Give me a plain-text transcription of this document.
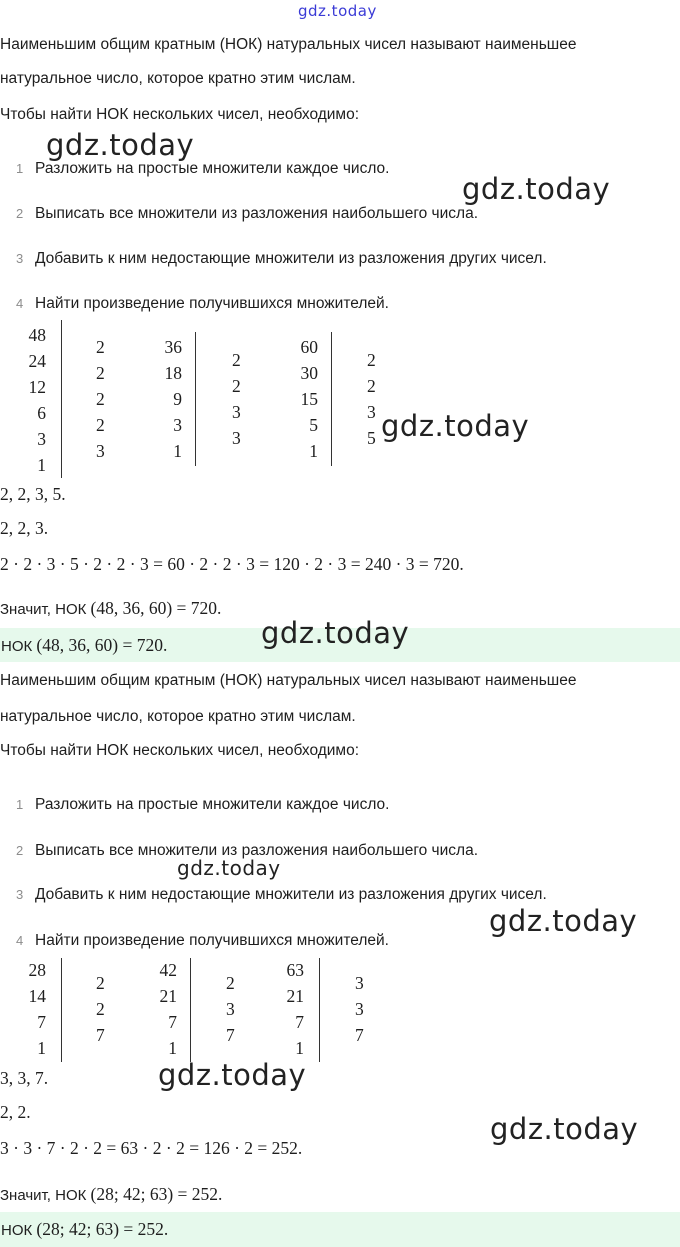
gdz.today
Наименьшим общим кратным (НОК) натуральных чисел называют наименьшее
натуральное число, которое кратно этим числам.
Чтобы найти НОК нескольких чисел, необходимо:
1 Разложить на простые множители каждое число.
2 Выписать все множители из разложения наибольшего числа.
3 Добавить к ним недостающие множители из разложения других чисел.
4 Найти произведение получившихся множителей.
48
24
12
6
3
1
2
2
2
2
3
36
18
9
3
1
2
2
3
3
60
30
15
5
1
2
2
3
5
2, 2, 3, 5.
2, 2, 3.
2 · 2 · 3 · 5 · 2 · 2 · 3 = 60 · 2 · 2 · 3 = 120 · 2 · 3 = 240 · 3 = 720.
Значит, НОК (48, 36, 60) = 720.
НОК (48, 36, 60) = 720.
Наименьшим общим кратным (НОК) натуральных чисел называют наименьшее
натуральное число, которое кратно этим числам.
Чтобы найти НОК нескольких чисел, необходимо:
1 Разложить на простые множители каждое число.
2 Выписать все множители из разложения наибольшего числа.
3 Добавить к ним недостающие множители из разложения других чисел.
4 Найти произведение получившихся множителей.
28
14
7
1
2
2
7
42
21
7
1
2
3
7
63
21
7
1
3
3
7
3, 3, 7.
2, 2.
3 · 3 · 7 · 2 · 2 = 63 · 2 · 2 = 126 · 2 = 252.
Значит, НОК (28; 42; 63) = 252.
НОК (28; 42; 63) = 252.
gdz.today
gdz.today
gdz.today
gdz.today
gdz.today
gdz.today
gdz.today
gdz.today
